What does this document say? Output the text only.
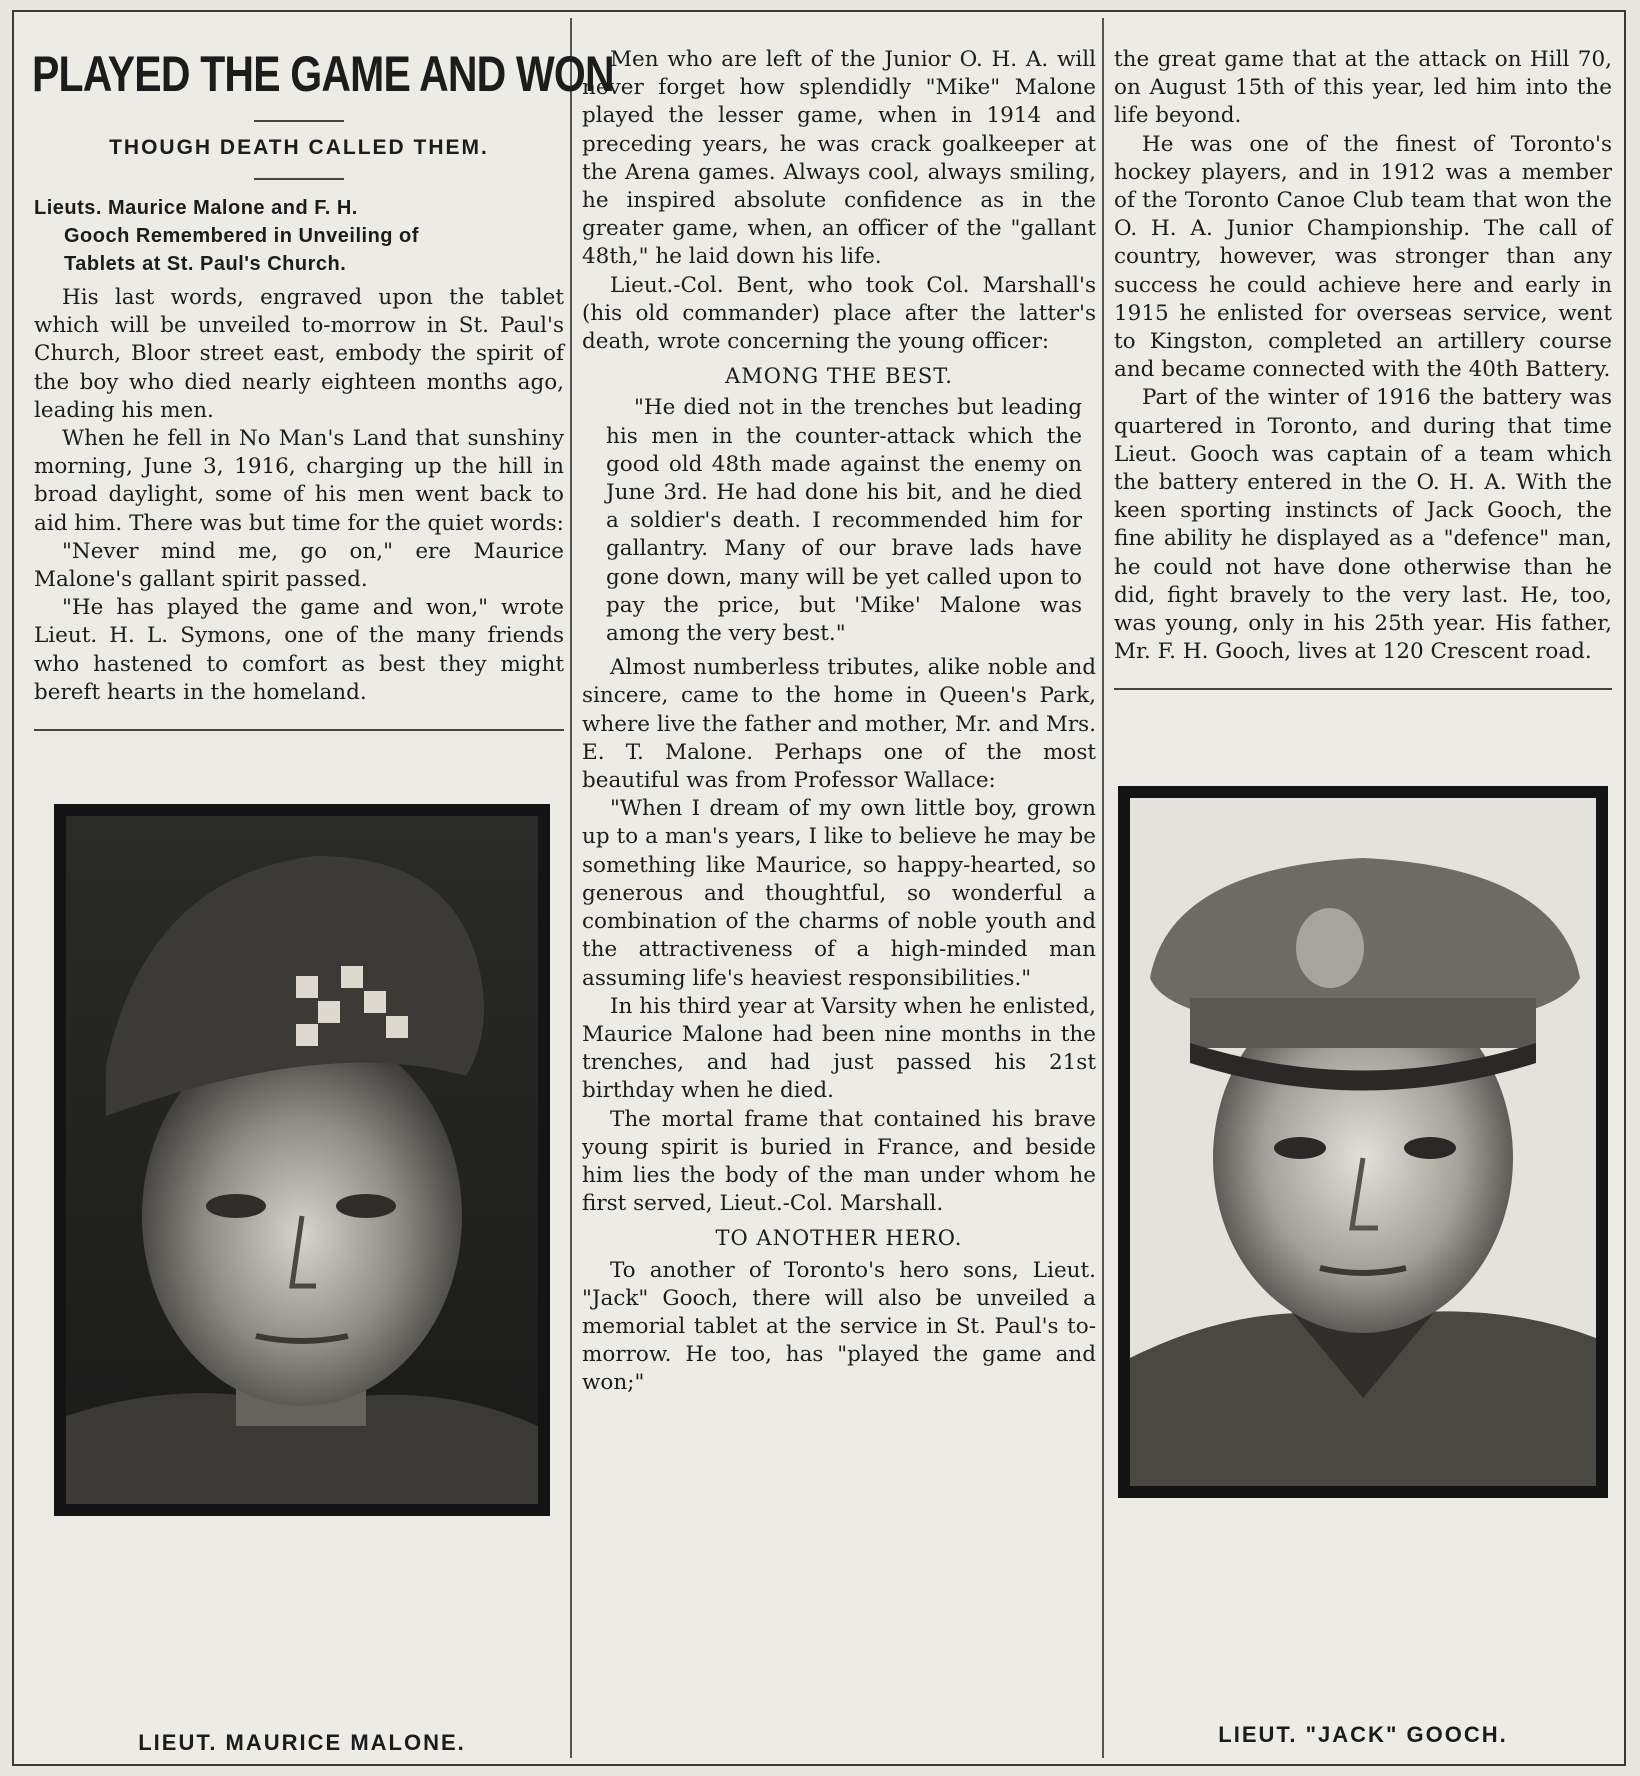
PLAYED THE GAME AND WON
THOUGH DEATH CALLED THEM.
Lieuts. Maurice Malone and F. H.
Gooch Remembered in Unveiling of
Tablets at St. Paul's Church.

His last words, engraved upon the tablet which will be unveiled to-morrow in St. Paul's Church, Bloor street east, embody the spirit of the boy who died nearly eighteen months ago, leading his men.

When he fell in No Man's Land that sunshiny morning, June 3, 1916, charging up the hill in broad daylight, some of his men went back to aid him. There was but time for the quiet words:

"Never mind me, go on," ere Maurice Malone's gallant spirit passed.

"He has played the game and won," wrote Lieut. H. L. Symons, one of the many friends who hastened to comfort as best they might bereft hearts in the homeland.

LIEUT. MAURICE MALONE.

Men who are left of the Junior O. H. A. will never forget how splendidly "Mike" Malone played the lesser game, when in 1914 and preceding years, he was crack goalkeeper at the Arena games. Always cool, always smiling, he inspired absolute confidence as in the greater game, when, an officer of the "gallant 48th," he laid down his life.

Lieut.-Col. Bent, who took Col. Marshall's (his old commander) place after the latter's death, wrote concerning the young officer:

AMONG THE BEST.

"He died not in the trenches but leading his men in the counter-attack which the good old 48th made against the enemy on June 3rd. He had done his bit, and he died a soldier's death. I recommended him for gallantry. Many of our brave lads have gone down, many will be yet called upon to pay the price, but 'Mike' Malone was among the very best."

Almost numberless tributes, alike noble and sincere, came to the home in Queen's Park, where live the father and mother, Mr. and Mrs. E. T. Malone. Perhaps one of the most beautiful was from Professor Wallace:

"When I dream of my own little boy, grown up to a man's years, I like to believe he may be something like Maurice, so happy-hearted, so generous and thoughtful, so wonderful a combination of the charms of noble youth and the attractiveness of a high-minded man assuming life's heaviest responsibilities."

In his third year at Varsity when he enlisted, Maurice Malone had been nine months in the trenches, and had just passed his 21st birthday when he died.

The mortal frame that contained his brave young spirit is buried in France, and beside him lies the body of the man under whom he first served, Lieut.-Col. Marshall.

TO ANOTHER HERO.

To another of Toronto's hero sons, Lieut. "Jack" Gooch, there will also be unveiled a memorial tablet at the service in St. Paul's to-morrow. He too, has "played the game and won;"

the great game that at the attack on Hill 70, on August 15th of this year, led him into the life beyond.

He was one of the finest of Toronto's hockey players, and in 1912 was a member of the Toronto Canoe Club team that won the O. H. A. Junior Championship. The call of country, however, was stronger than any success he could achieve here and early in 1915 he enlisted for overseas service, went to Kingston, completed an artillery course and became connected with the 40th Battery.

Part of the winter of 1916 the battery was quartered in Toronto, and during that time Lieut. Gooch was captain of a team which the battery entered in the O. H. A. With the keen sporting instincts of Jack Gooch, the fine ability he displayed as a "defence" man, he could not have done otherwise than he did, fight bravely to the very last. He, too, was young, only in his 25th year. His father, Mr. F. H. Gooch, lives at 120 Crescent road.

LIEUT. "JACK" GOOCH.
